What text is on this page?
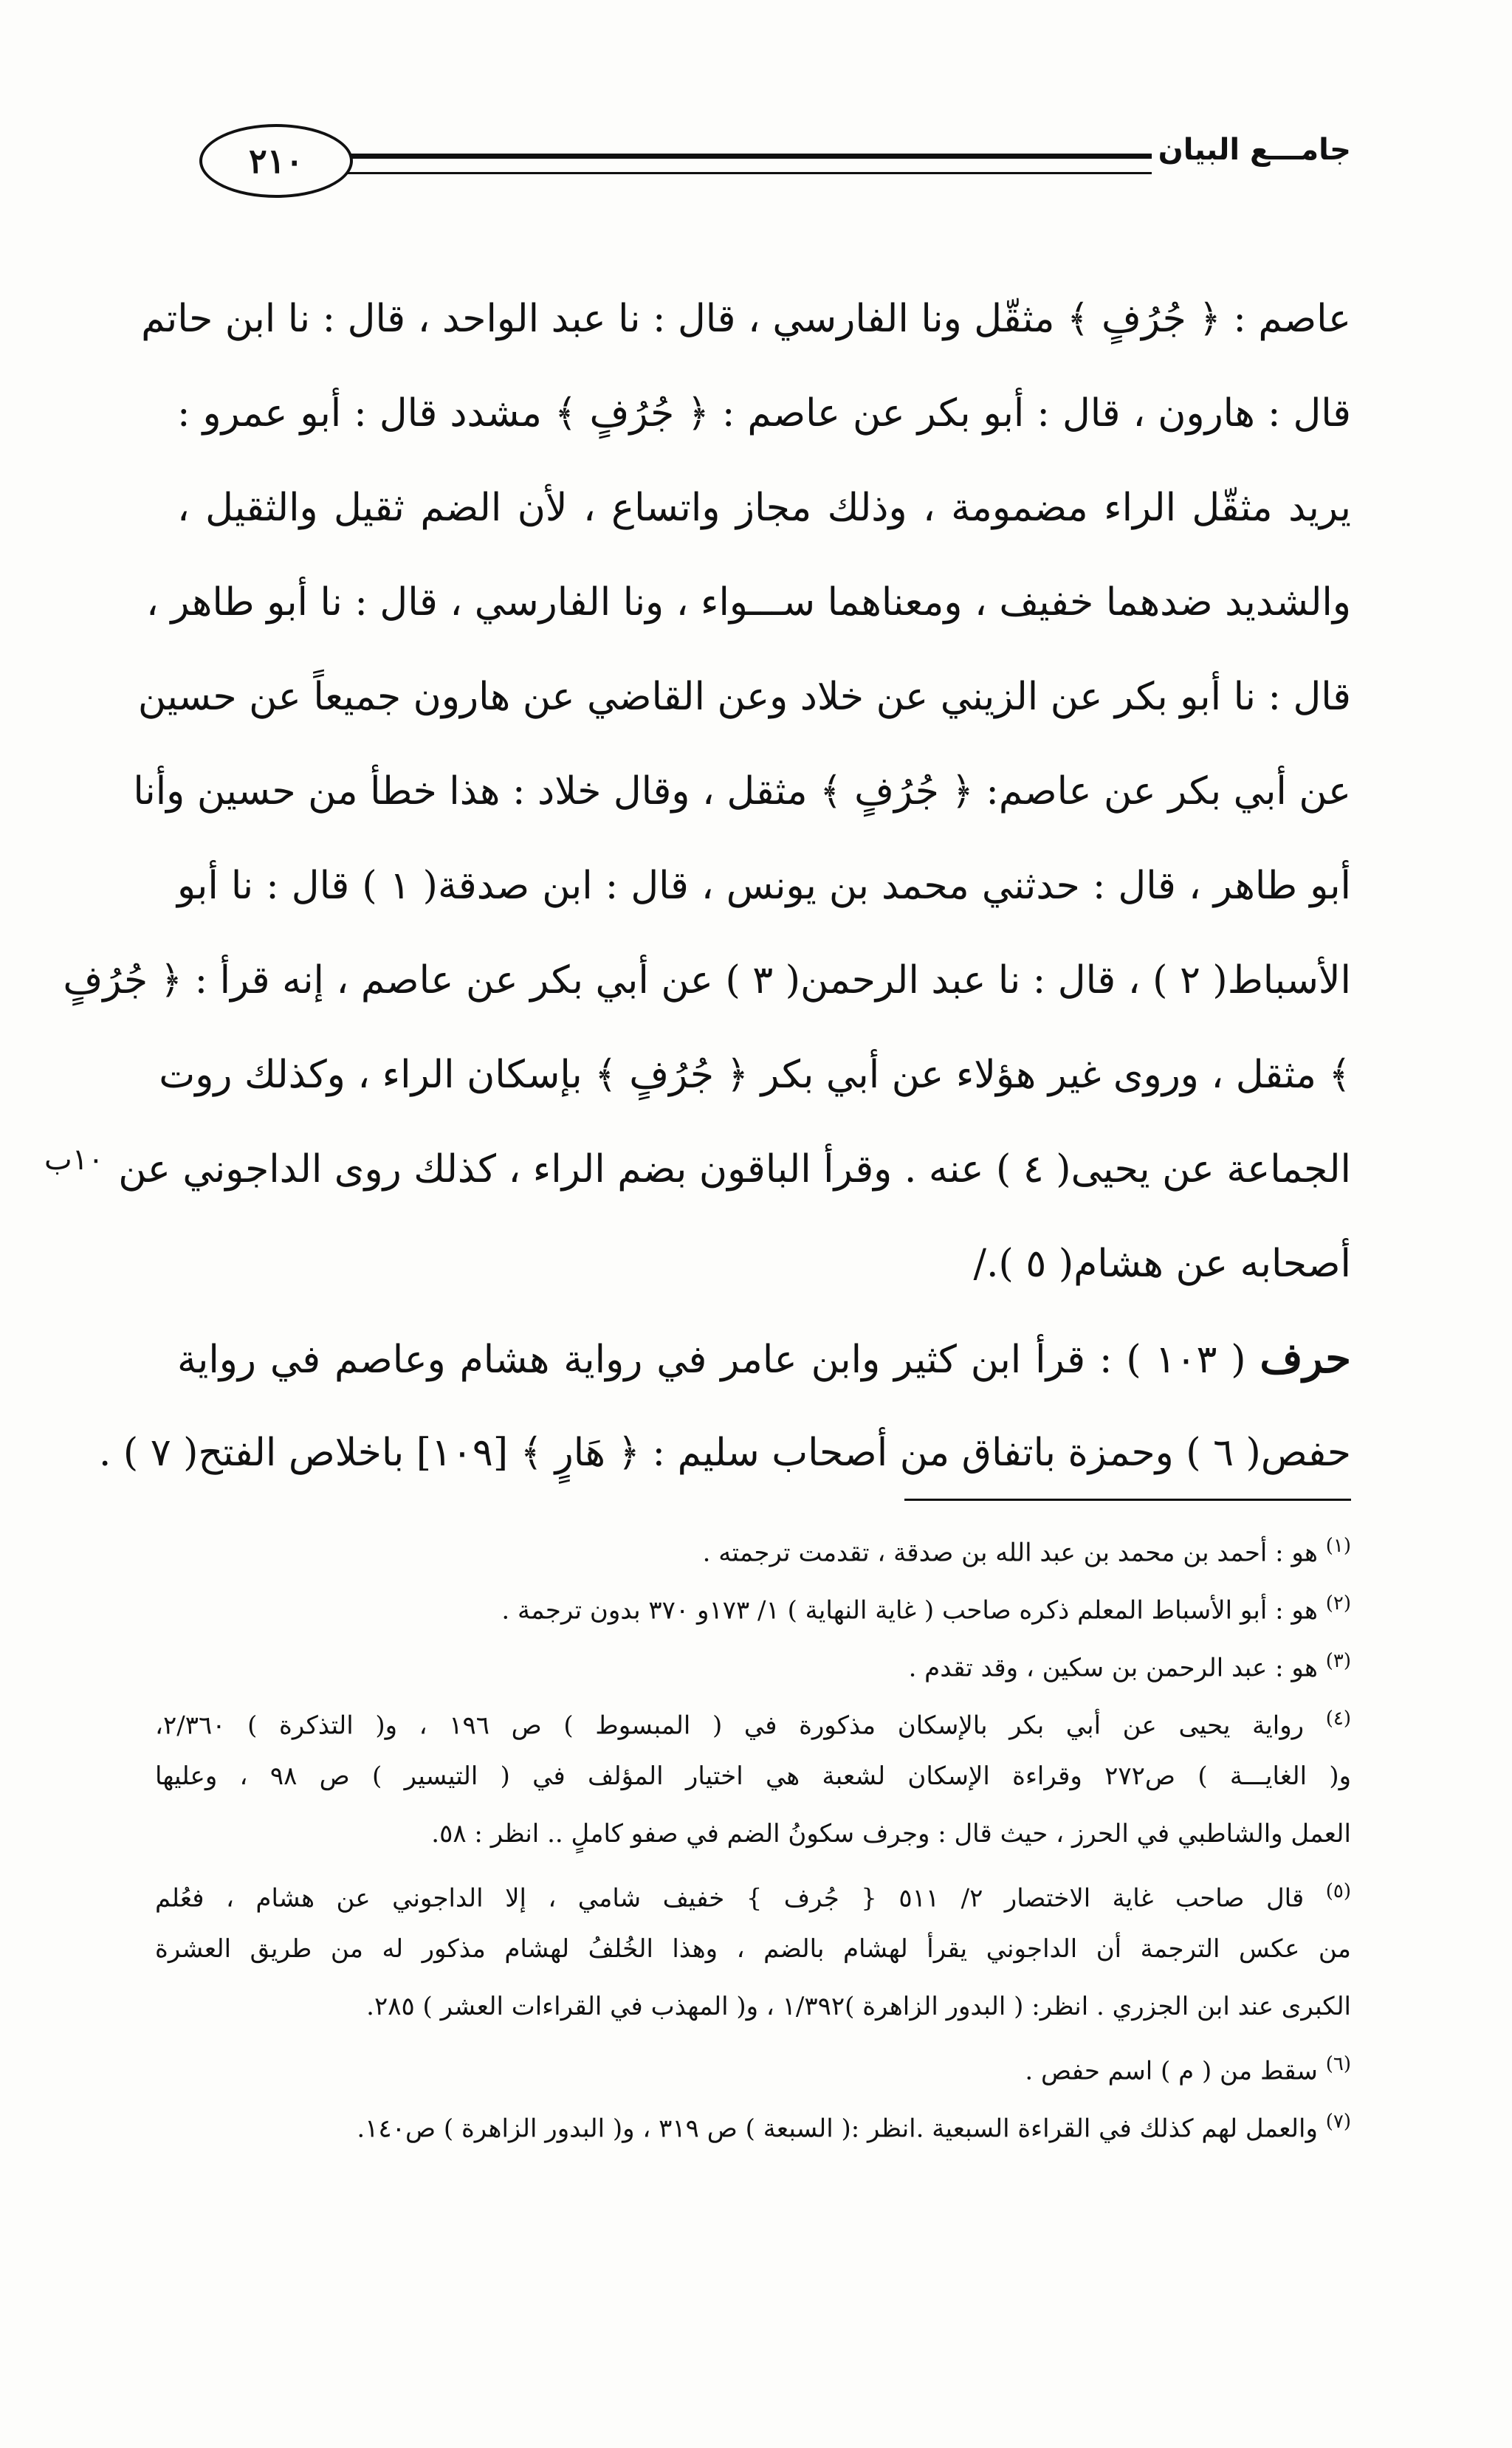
٢١٠	جامـــع البيان
عاصم : ﴿ جُرُفٍ ﴾ مثقّل ونا الفارسي ، قال : نا عبد الواحد ، قال : نا ابن حاتم
قال : هارون ، قال : أبو بكر عن عاصم : ﴿ جُرُفٍ ﴾ مشدد قال : أبو عمرو :
يريد مثقّل الراء مضمومة ، وذلك مجاز واتساع ، لأن الضم ثقيل والثقيل ،
والشديد ضدهما خفيف ، ومعناهما ســـواء ، ونا الفارسي ، قال : نا أبو طاهر ،
قال : نا أبو بكر عن الزيني عن خلاد وعن القاضي عن هارون جميعاً عن حسين
عن أبي بكر عن عاصم: ﴿ جُرُفٍ ﴾ مثقل ، وقال خلاد : هذا خطأ من حسين وأنا
أبو طاهر ، قال : حدثني محمد بن يونس ، قال : ابن صدقة( ١ ) قال : نا أبو
الأسباط( ٢ ) ، قال : نا عبد الرحمن( ٣ ) عن أبي بكر عن عاصم ، إنه قرأ : ﴿ جُرُفٍ
﴾ مثقل ، وروى غير هؤلاء عن أبي بكر ﴿ جُرُفٍ ﴾ بإسكان الراء ، وكذلك روت
الجماعة عن يحيى( ٤ ) عنه . وقرأ الباقون بضم الراء ، كذلك روى الداجوني عن
أصحابه عن هشام( ٥ )./
حرف ( ١٠٣ ) : قرأ ابن كثير وابن عامر في رواية هشام وعاصم في رواية
حفص( ٦ ) وحمزة باتفاق من أصحاب سليم : ﴿ هَارٍ ﴾ [١٠٩] باخلاص الفتح( ٧ ) .
١٠ب
$^{(١)}$ هو : أحمد بن محمد بن عبد الله بن صدقة ، تقدمت ترجمته .
$^{(٢)}$ هو : أبو الأسباط المعلم ذكره صاحب ( غاية النهاية ) ١/ ١٧٣و ٣٧٠ بدون ترجمة .
$^{(٣)}$ هو : عبد الرحمن بن سكين ، وقد تقدم .
$^{(٤)}$ رواية يحيى عن أبي بكر بالإسكان مذكورة في ( المبسوط ) ص ١٩٦ ، و( التذكرة ) ٢/٣٦٠،
و( الغايـــة ) ص٢٧٢ وقراءة الإسكان لشعبة هي اختيار المؤلف في ( التيسير ) ص ٩٨ ، وعليها
العمل والشاطبي في الحرز ، حيث قال : وجرف سكونُ الضم في صفو كاملٍ .. انظر : ٥٨.
$^{(٥)}$ قال صاحب غاية الاختصار ٢/ ٥١١ { جُرف } خفيف شامي ، إلا الداجوني عن هشام ، فعُلم
من عكس الترجمة أن الداجوني يقرأ لهشام بالضم ، وهذا الخُلفُ لهشام مذكور له من طريق العشرة
الكبرى عند ابن الجزري . انظر: ( البدور الزاهرة )١/٣٩٢ ، و( المهذب في القراءات العشر ) ٢٨٥.
$^{(٦)}$ سقط من ( م ) اسم حفص .
$^{(٧)}$ والعمل لهم كذلك في القراءة السبعية .انظر :( السبعة ) ص ٣١٩ ، و( البدور الزاهرة ) ص١٤٠.
